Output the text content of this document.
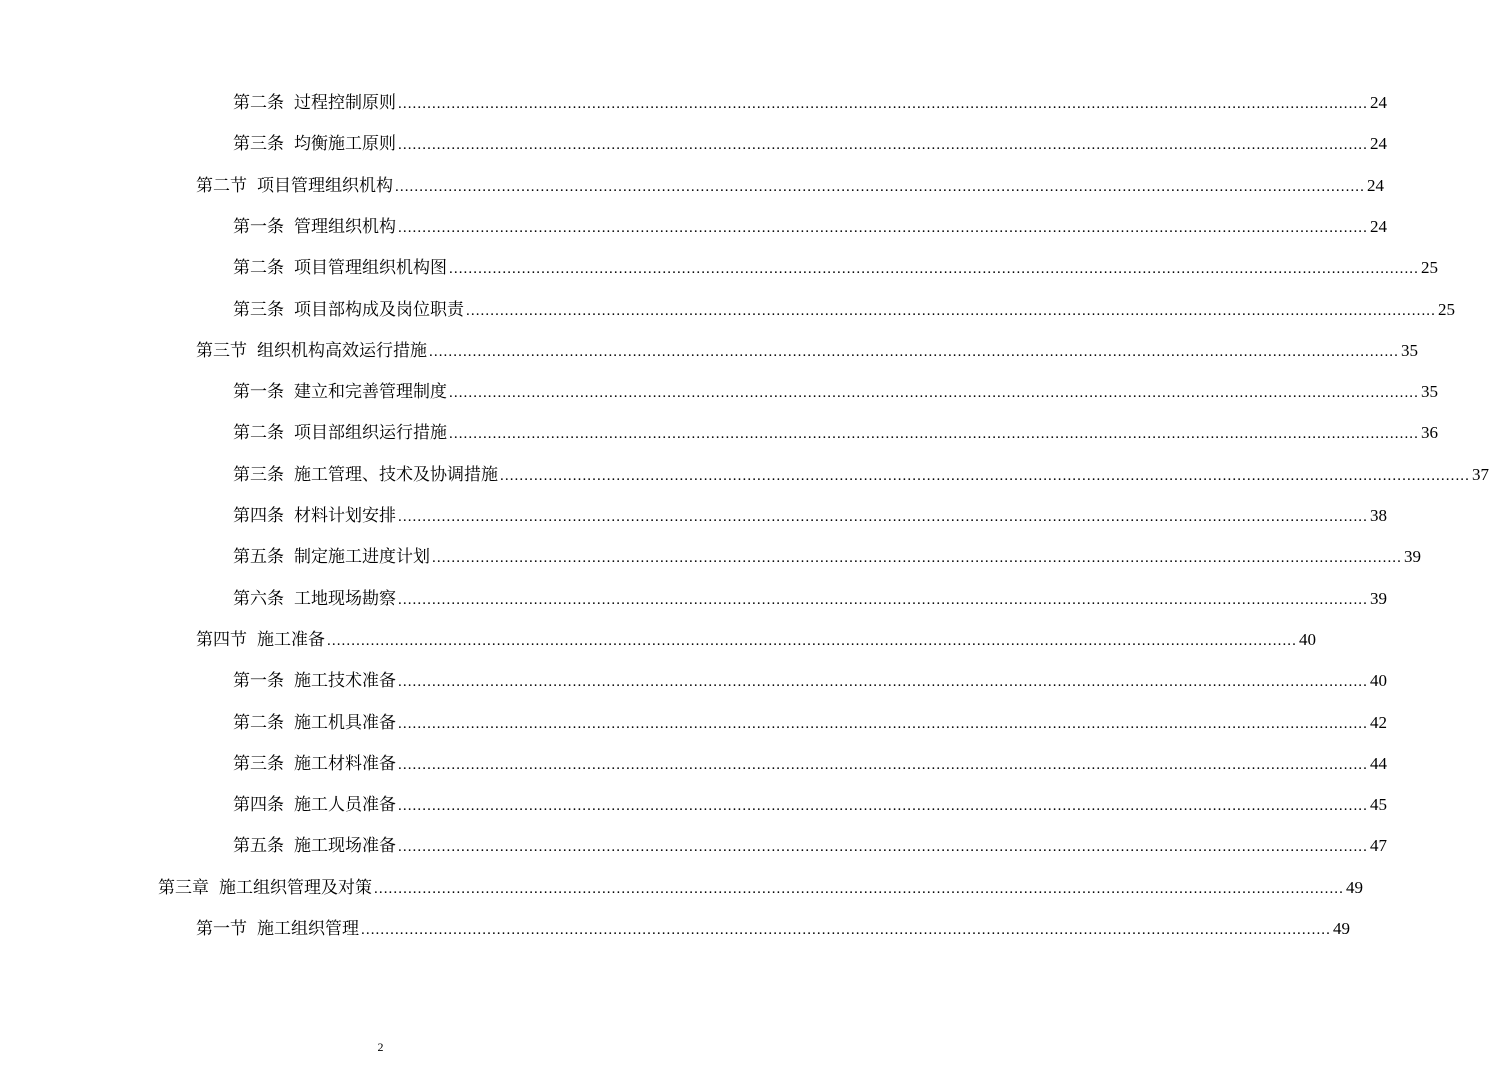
第二条 过程控制原则 ........................................................................................................................................................................................................ 24
第三条 均衡施工原则 ........................................................................................................................................................................................................ 24
第二节 项目管理组织机构 ........................................................................................................................................................................................................ 24
第一条 管理组织机构 ........................................................................................................................................................................................................ 24
第二条 项目管理组织机构图 ........................................................................................................................................................................................................ 25
第三条 项目部构成及岗位职责 ........................................................................................................................................................................................................ 25
第三节 组织机构高效运行措施 ........................................................................................................................................................................................................ 35
第一条 建立和完善管理制度 ........................................................................................................................................................................................................ 35
第二条 项目部组织运行措施 ........................................................................................................................................................................................................ 36
第三条 施工管理、技术及协调措施 ........................................................................................................................................................................................................ 37
第四条 材料计划安排 ........................................................................................................................................................................................................ 38
第五条 制定施工进度计划 ........................................................................................................................................................................................................ 39
第六条 工地现场勘察 ........................................................................................................................................................................................................ 39
第四节 施工准备 ........................................................................................................................................................................................................ 40
第一条 施工技术准备 ........................................................................................................................................................................................................ 40
第二条 施工机具准备 ........................................................................................................................................................................................................ 42
第三条 施工材料准备 ........................................................................................................................................................................................................ 44
第四条 施工人员准备 ........................................................................................................................................................................................................ 45
第五条 施工现场准备 ........................................................................................................................................................................................................ 47
第三章 施工组织管理及对策 ........................................................................................................................................................................................................ 49
第一节 施工组织管理 ........................................................................................................................................................................................................ 49
2
